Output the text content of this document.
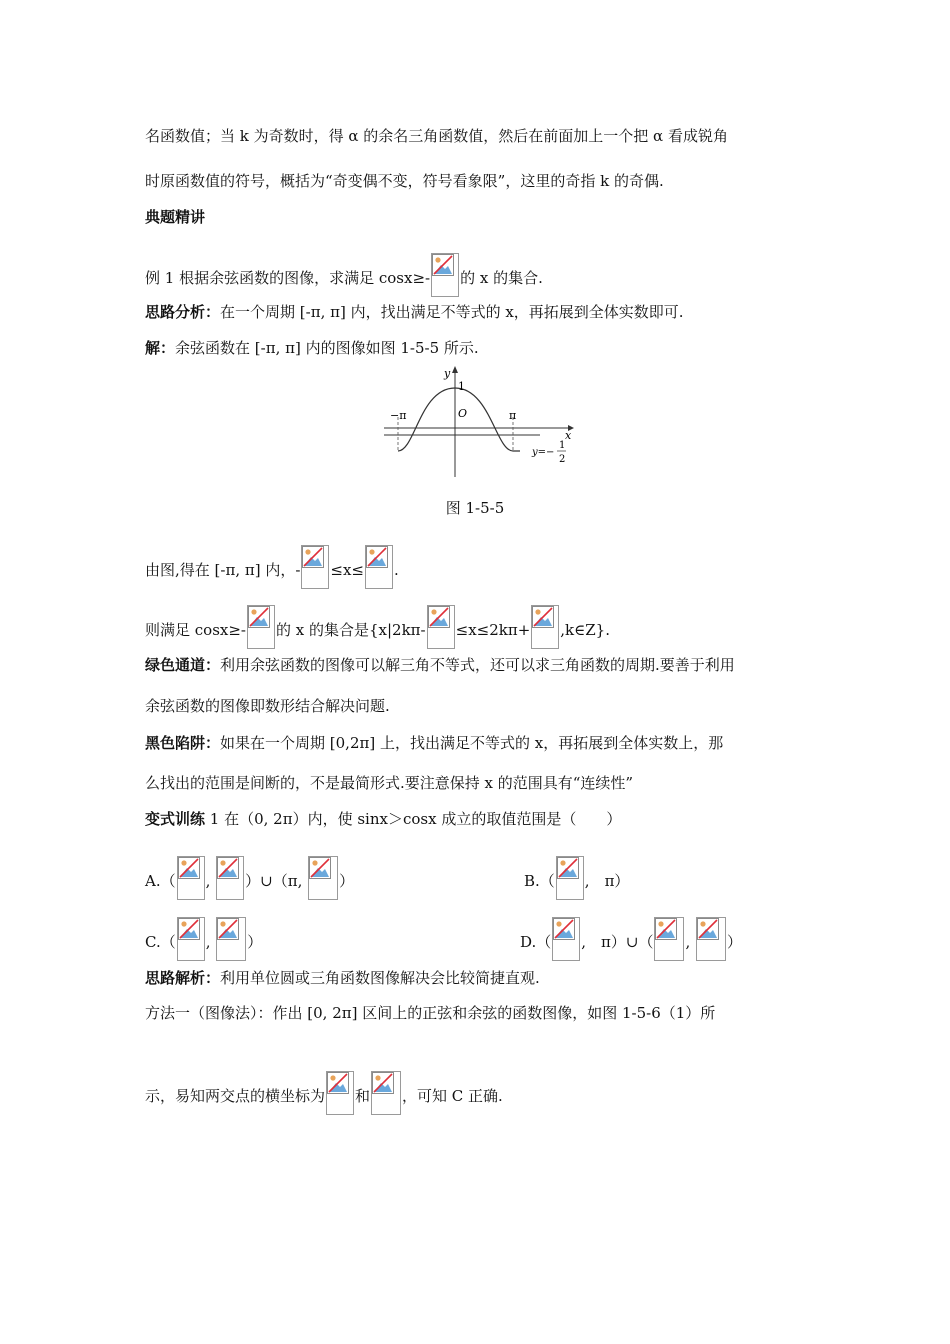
名函数值；当 k 为奇数时，得 α 的余名三角函数值，然后在前面加上一个把 α 看成锐角
时原函数值的符号，概括为“奇变偶不变，符号看象限”，这里的奇指 k 的奇偶.
典题精讲
例 1 根据余弦函数的图像，求满足 cosx≥- 的 x 的集合.
思路分析：在一个周期 [-π, π] 内，找出满足不等式的 x，再拓展到全体实数即可.
解：余弦函数在 [-π, π] 内的图像如图 1-5-5 所示.
y
1
O
−π	π
x
y=−
1
2
图 1-5-5
由图,得在 [-π, π] 内，- ≤x≤ .
则满足 cosx≥- 的 x 的集合是{x|2kπ- ≤x≤2kπ+ ,k∈Z}.
绿色通道：利用余弦函数的图像可以解三角不等式，还可以求三角函数的周期.要善于利用
余弦函数的图像即数形结合解决问题.
黑色陷阱：如果在一个周期 [0,2π] 上，找出满足不等式的 x，再拓展到全体实数上，那
么找出的范围是间断的，不是最简形式.要注意保持 x 的范围具有“连续性”
变式训练 1 在（0, 2π）内，使 sinx＞cosx 成立的取值范围是（　　）
A.（ , ）∪（π, ）	B.（ ,　π）
C.（ , ）	D.（ ,　π）∪（ , ）
思路解析：利用单位圆或三角函数图像解决会比较简捷直观.
方法一（图像法）：作出 [0, 2π] 区间上的正弦和余弦的函数图像，如图 1-5-6（1）所
示，易知两交点的横坐标为 和 ，可知 C 正确.
